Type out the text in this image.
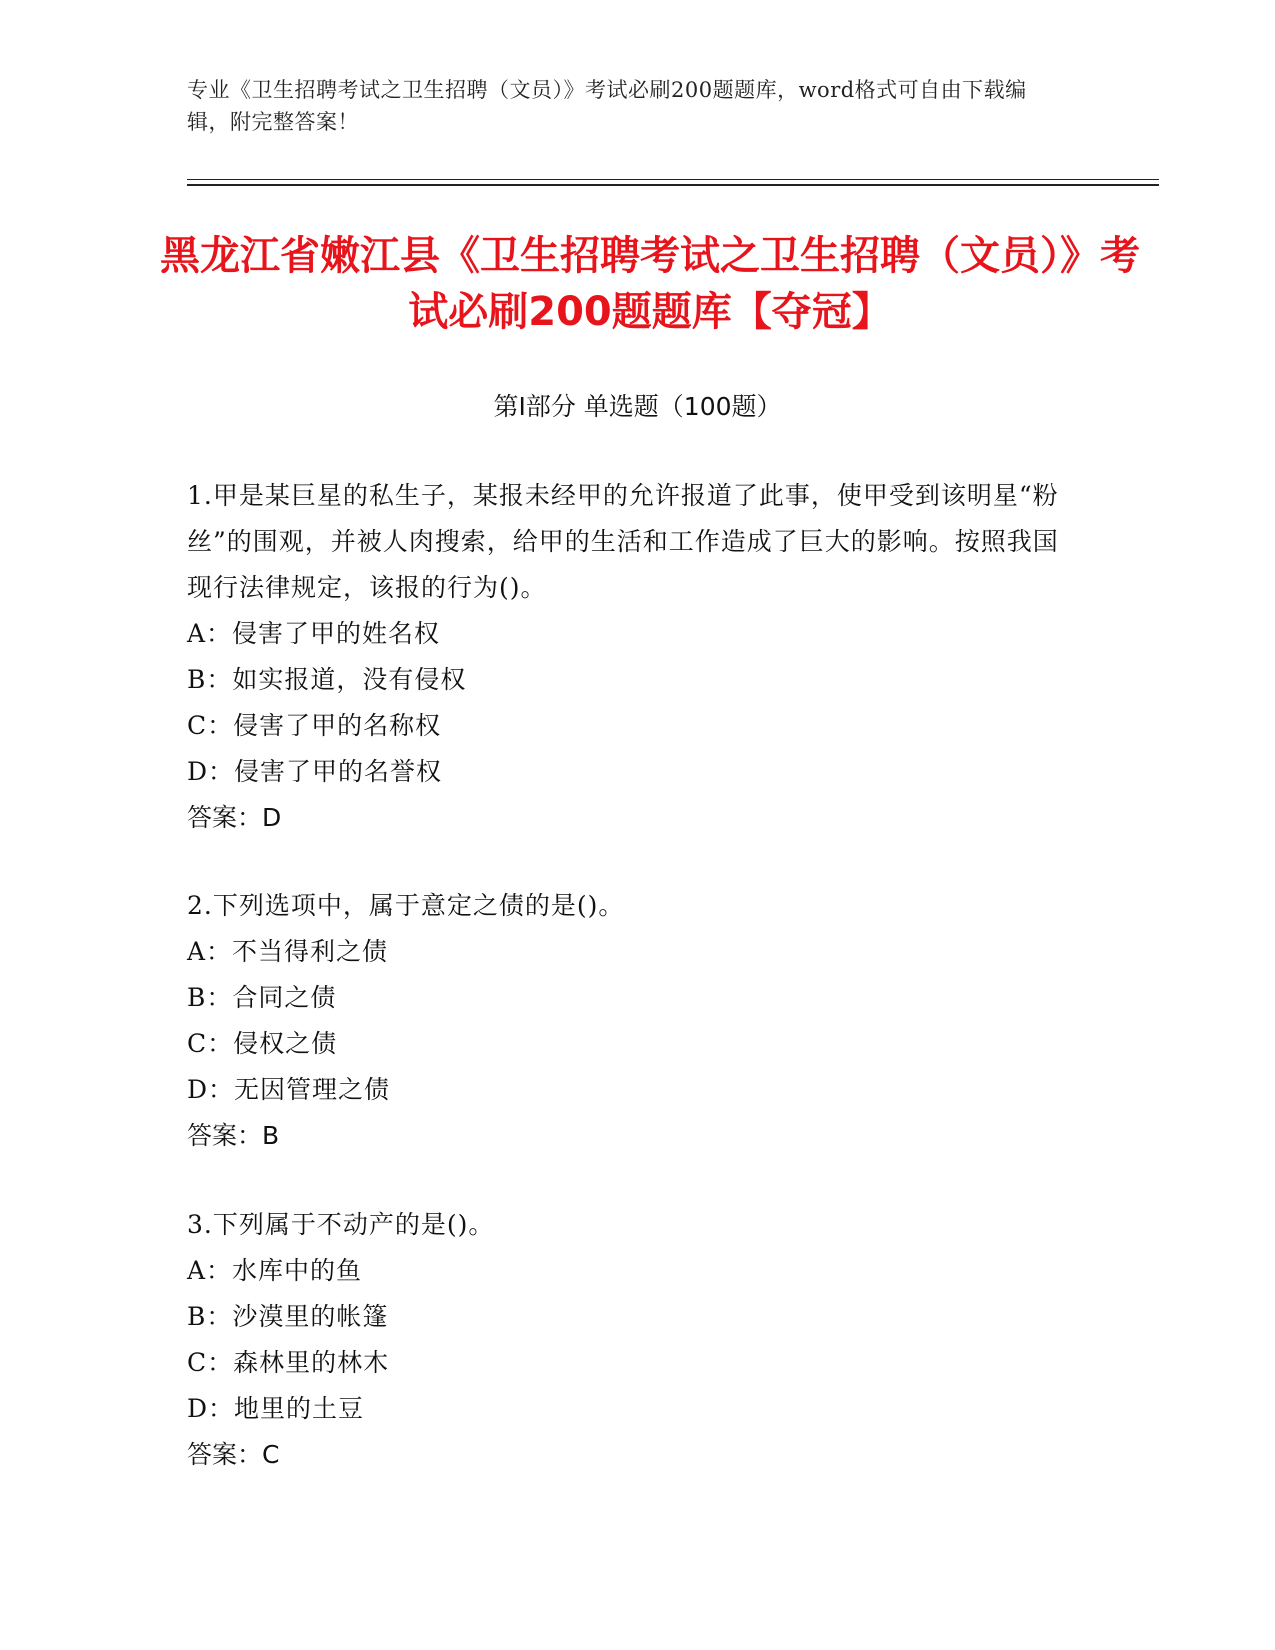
专业《卫生招聘考试之卫生招聘（文员）》考试必刷200题题库，word格式可自由下载编辑，附完整答案！
黑龙江省嫩江县《卫生招聘考试之卫生招聘（文员）》考试必刷200题题库【夺冠】
第Ⅰ部分 单选题（100题）
1.甲是某巨星的私生子，某报未经甲的允许报道了此事，使甲受到该明星“粉丝”的围观，并被人肉搜索，给甲的生活和工作造成了巨大的影响。按照我国现行法律规定，该报的行为()。
A：侵害了甲的姓名权
B：如实报道，没有侵权
C：侵害了甲的名称权
D：侵害了甲的名誉权
答案：D
2.下列选项中，属于意定之债的是()。
A：不当得利之债
B：合同之债
C：侵权之债
D：无因管理之债
答案：B
3.下列属于不动产的是()。
A：水库中的鱼
B：沙漠里的帐篷
C：森林里的林木
D：地里的土豆
答案：C
